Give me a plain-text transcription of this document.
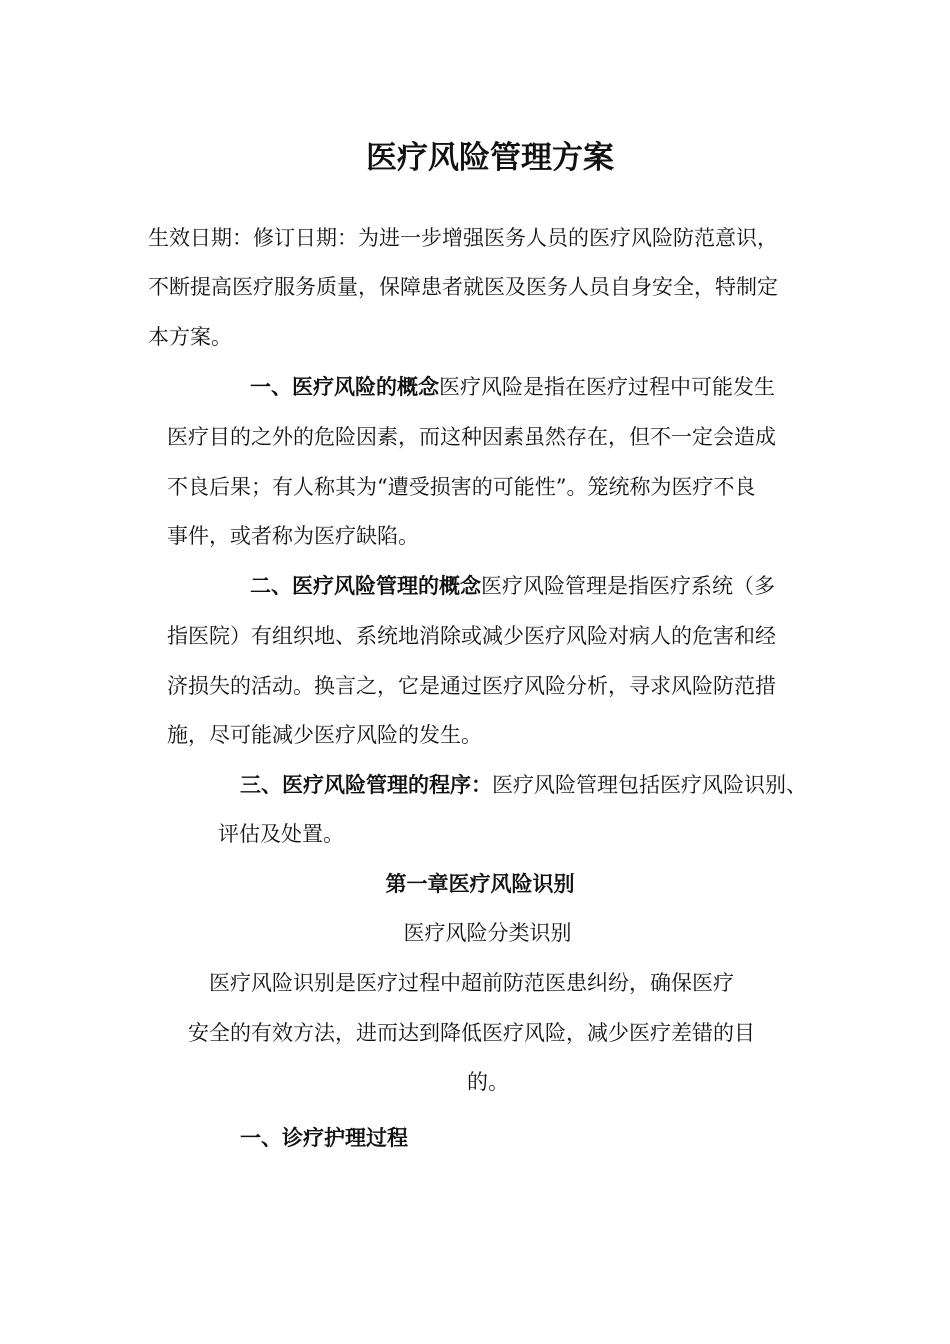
医疗风险管理方案
生效日期：修订日期：为进一步增强医务人员的医疗风险防范意识，
不断提高医疗服务质量，保障患者就医及医务人员自身安全，特制定
本方案。
一、医疗风险的概念医疗风险是指在医疗过程中可能发生
医疗目的之外的危险因素，而这种因素虽然存在，但不一定会造成
不良后果；有人称其为“遭受损害的可能性”。笼统称为医疗不良
事件，或者称为医疗缺陷。
二、医疗风险管理的概念医疗风险管理是指医疗系统（多
指医院）有组织地、系统地消除或减少医疗风险对病人的危害和经
济损失的活动。换言之，它是通过医疗风险分析，寻求风险防范措
施，尽可能减少医疗风险的发生。
三、医疗风险管理的程序：医疗风险管理包括医疗风险识别、
评估及处置。
第一章医疗风险识别
医疗风险分类识别
医疗风险识别是医疗过程中超前防范医患纠纷，确保医疗
安全的有效方法，进而达到降低医疗风险，减少医疗差错的目
的。
一、诊疗护理过程
